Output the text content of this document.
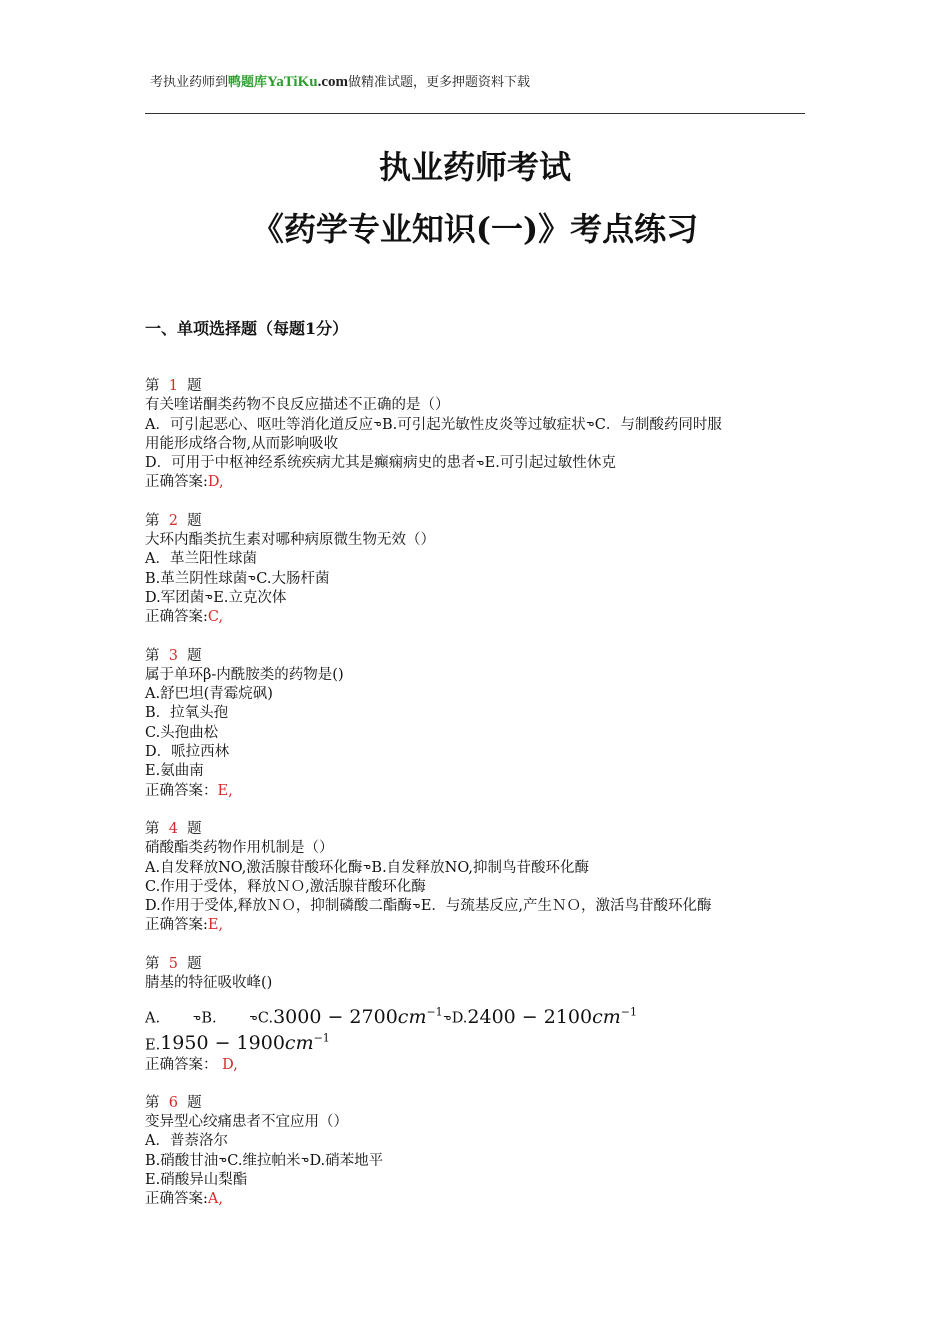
考执业药师到鸭题库YaTiKu.com做精准试题，更多押题资料下载
执业药师考试
《药学专业知识(一)》考点练习
一、单项选择题（每题1分）
第 1 题
有关喹诺酮类药物不良反应描述不正确的是（）
A．可引起恶心、呕吐等消化道反应ᓀB.可引起光敏性皮炎等过敏症状ᓀC．与制酸药同时服
用能形成络合物,从而影响吸收
D．可用于中枢神经系统疾病尤其是癫痫病史的患者ᓀE.可引起过敏性休克
正确答案:D,
第 2 题
大环内酯类抗生素对哪种病原微生物无效（）
A．革兰阳性球菌
B.革兰阴性球菌ᓀC.大肠杆菌
D.军团菌ᓀE.立克次体
正确答案:C,
第 3 题
属于单环β-内酰胺类的药物是()
A.舒巴坦(青霉烷砜)
B．拉氧头孢
C.头孢曲松
D．哌拉西林
E.氨曲南
正确答案：E,
第 4 题
硝酸酯类药物作用机制是（）
A.自发释放NO,激活腺苷酸环化酶ᓀB.自发释放NO,抑制鸟苷酸环化酶
C.作用于受体，释放ＮＯ,激活腺苷酸环化酶
D.作用于受体,释放ＮＯ，抑制磷酸二酯酶ᓀE．与巯基反应,产生ＮＯ，激活鸟苷酸环化酶
正确答案:E,
第 5 题
腈基的特征吸收峰()
A.	ᓀB.	ᓀC.3000 − $2700cm^{-1}ᓀD.2400 - 2100cm^{-1}$
$E.1950 - 1900cm^{-1}$
正确答案： D,
第 6 题
变异型心绞痛患者不宜应用（）
A．普萘洛尔
B.硝酸甘油ᓀC.维拉帕米ᓀD.硝苯地平
E.硝酸异山梨酯
正确答案:A,
